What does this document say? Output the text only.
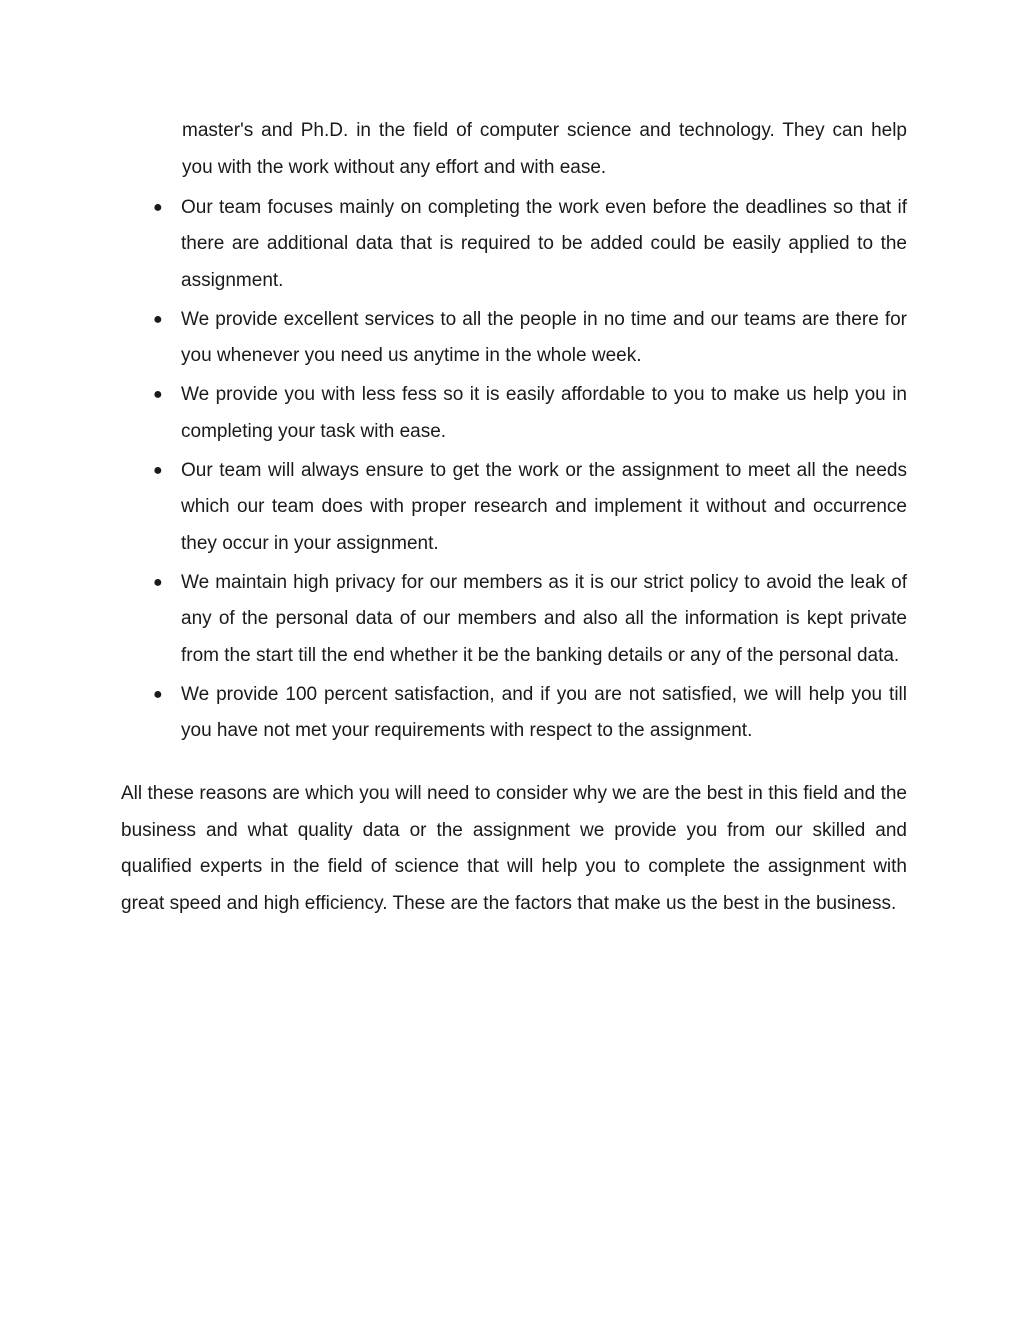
master's and Ph.D. in the field of computer science and technology. They can help you with the work without any effort and with ease.

● Our team focuses mainly on completing the work even before the deadlines so that if there are additional data that is required to be added could be easily applied to the assignment.
● We provide excellent services to all the people in no time and our teams are there for you whenever you need us anytime in the whole week.
● We provide you with less fess so it is easily affordable to you to make us help you in completing your task with ease.
● Our team will always ensure to get the work or the assignment to meet all the needs which our team does with proper research and implement it without and occurrence they occur in your assignment.
● We maintain high privacy for our members as it is our strict policy to avoid the leak of any of the personal data of our members and also all the information is kept private from the start till the end whether it be the banking details or any of the personal data.
● We provide 100 percent satisfaction, and if you are not satisfied, we will help you till you have not met your requirements with respect to the assignment.

All these reasons are which you will need to consider why we are the best in this field and the business and what quality data or the assignment we provide you from our skilled and qualified experts in the field of science that will help you to complete the assignment with great speed and high efficiency. These are the factors that make us the best in the business.
